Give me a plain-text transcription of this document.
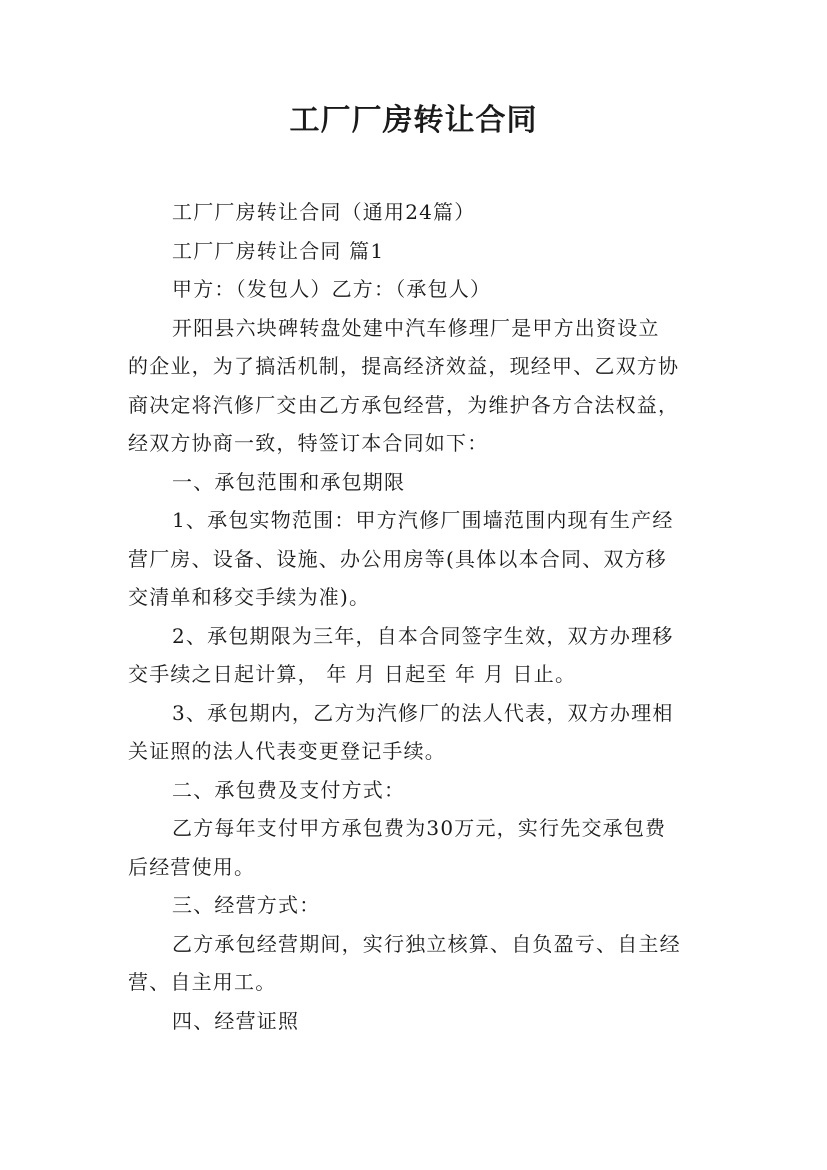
工厂厂房转让合同
工厂厂房转让合同（通用24篇）
工厂厂房转让合同 篇1
甲方：（发包人）乙方：（承包人）
开阳县六块碑转盘处建中汽车修理厂是甲方出资设立
的企业，为了搞活机制，提高经济效益，现经甲、乙双方协
商决定将汽修厂交由乙方承包经营，为维护各方合法权益，
经双方协商一致，特签订本合同如下：
一、承包范围和承包期限
1、承包实物范围：甲方汽修厂围墙范围内现有生产经
营厂房、设备、设施、办公用房等(具体以本合同、双方移
交清单和移交手续为准)。
2、承包期限为三年，自本合同签字生效，双方办理移
交手续之日起计算， 年 月 日起至 年 月 日止。
3、承包期内，乙方为汽修厂的法人代表，双方办理相
关证照的法人代表变更登记手续。
二、承包费及支付方式：
乙方每年支付甲方承包费为30万元，实行先交承包费
后经营使用。
三、经营方式：
乙方承包经营期间，实行独立核算、自负盈亏、自主经
营、自主用工。
四、经营证照
